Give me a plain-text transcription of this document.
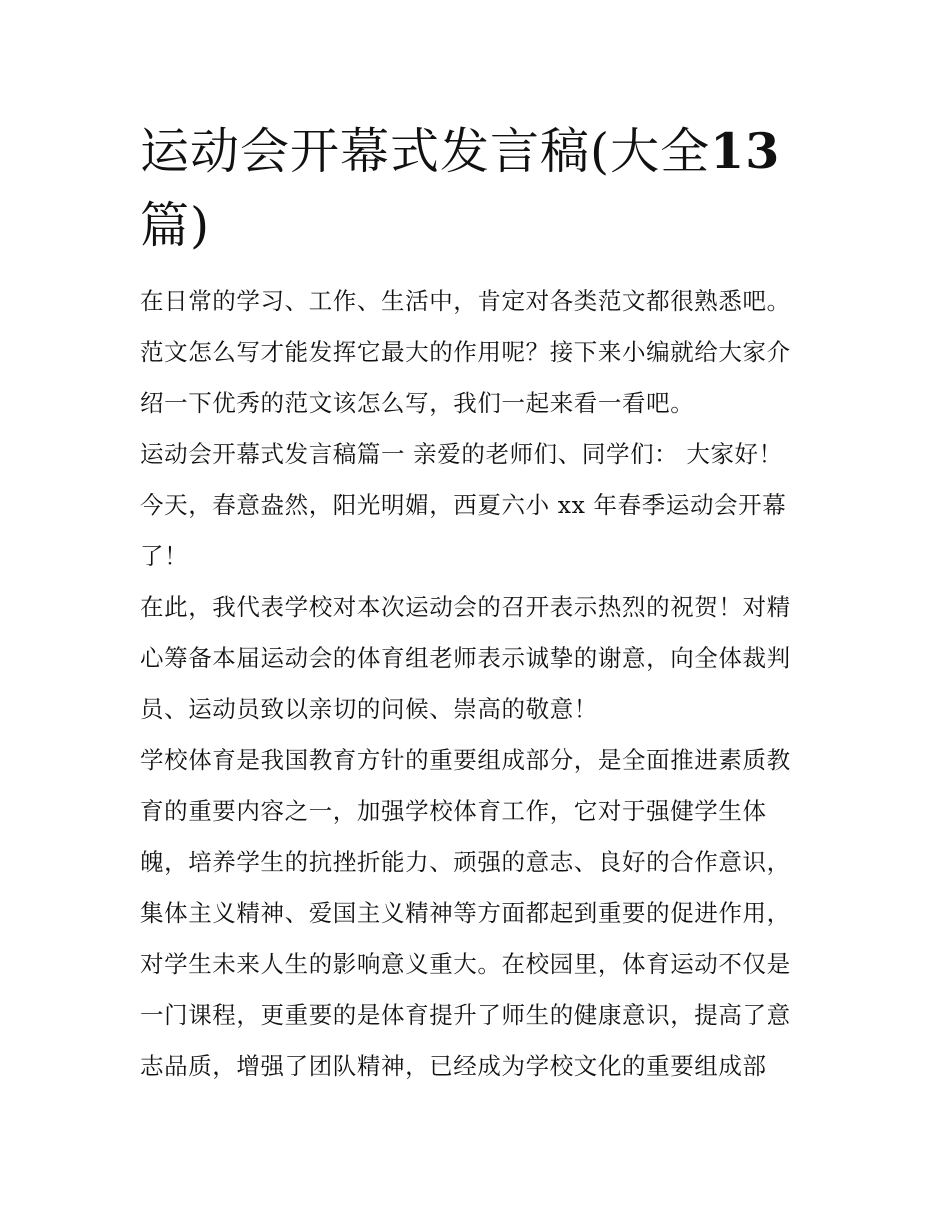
运动会开幕式发言稿(大全13
篇)
在日常的学习、工作、生活中，肯定对各类范文都很熟悉吧。
范文怎么写才能发挥它最大的作用呢？接下来小编就给大家介
绍一下优秀的范文该怎么写，我们一起来看一看吧。
运动会开幕式发言稿篇一 亲爱的老师们、同学们： 大家好！
今天，春意盎然，阳光明媚，西夏六小 xx 年春季运动会开幕
了！
在此，我代表学校对本次运动会的召开表示热烈的祝贺！对精
心筹备本届运动会的体育组老师表示诚挚的谢意，向全体裁判
员、运动员致以亲切的问候、崇高的敬意！
学校体育是我国教育方针的重要组成部分，是全面推进素质教
育的重要内容之一，加强学校体育工作，它对于强健学生体
魄，培养学生的抗挫折能力、顽强的意志、良好的合作意识，
集体主义精神、爱国主义精神等方面都起到重要的促进作用，
对学生未来人生的影响意义重大。在校园里，体育运动不仅是
一门课程，更重要的是体育提升了师生的健康意识，提高了意
志品质，增强了团队精神，已经成为学校文化的重要组成部
